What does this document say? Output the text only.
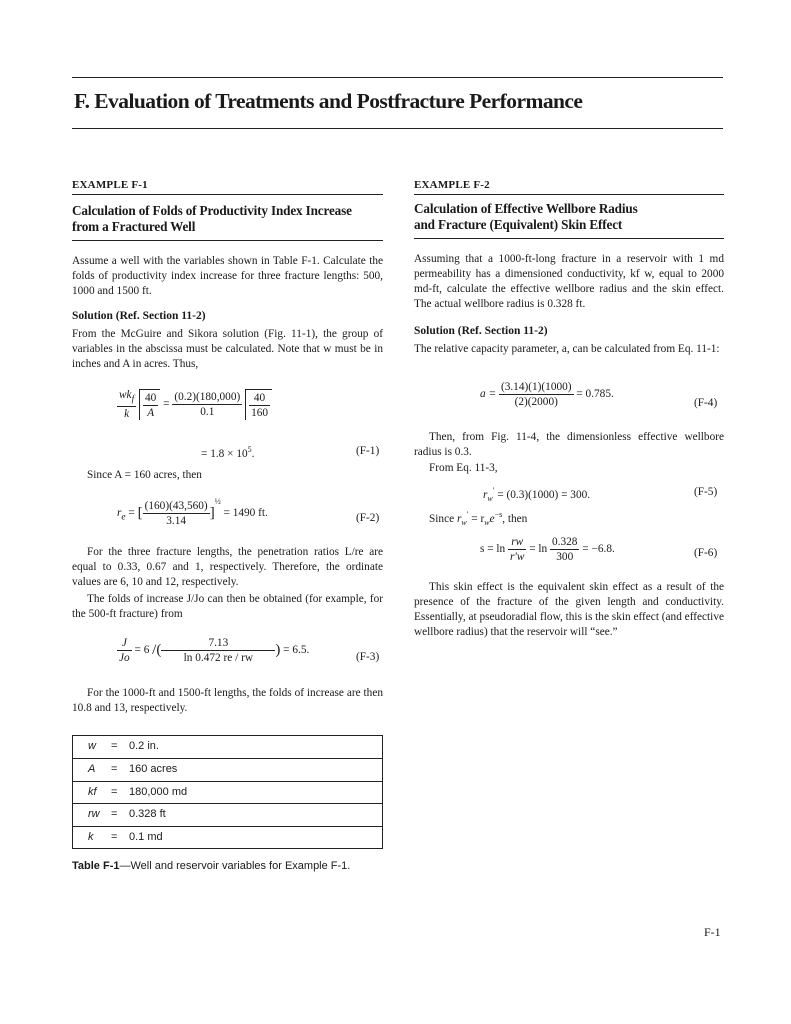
F. Evaluation of Treatments and Postfracture Performance
EXAMPLE F-1
Calculation of Folds of Productivity Index Increase
from a Fractured Well
Assume a well with the variables shown in Table F-1. Calculate the folds of productivity index increase for three fracture lengths: 500, 1000 and 1500 ft.
Solution (Ref. Section 11-2)
From the McGuire and Sikora solution (Fig. 11-1), the group of variables in the abscissa must be calculated. Note that w must be in inches and A in acres. Thus,
$\frac{wk_f}{k}$
$\frac{40}{A} = \frac{(0.2)(180,000)}{0.1}$
$\frac{40}{160}$
= $1.8 \times 10^5$.	(F-1)
Since A = 160 acres, then
$r_e$ = [ $\frac{(160)(43,560)}{3.14} ]^{\frac{1}{2}} = 1490$ ft.	(F-2)
For the three fracture lengths, the penetration ratios L/re are equal to 0.33, 0.67 and 1, respectively. Therefore, the ordinate values are 6, 10 and 12, respectively.
The folds of increase J/Jo can then be obtained (for example, for the 500-ft fracture) from
$\frac{J}{Jo} = 6$ /( $\frac{7.13}{\ln 0.472 re / rw}$ ) = 6.5.
(F-3)
For the 1000-ft and 1500-ft lengths, the folds of increase are then 10.8 and 13, respectively.
w = 0.2 in.
A = 160 acres
kf = 180,000 md
rw = 0.328 ft
k = 0.1 md
Table F-1—Well and reservoir variables for Example F-1.
EXAMPLE F-2
Calculation of Effective Wellbore Radius
and Fracture (Equivalent) Skin Effect
Assuming that a 1000-ft-long fracture in a reservoir with 1 md permeability has a dimensioned conductivity, kf w, equal to 2000 md-ft, calculate the effective wellbore radius and the skin effect. The actual wellbore radius is 0.328 ft.
Solution (Ref. Section 11-2)
The relative capacity parameter, a, can be calculated from Eq. 11-1:
$a = \frac{(3.14)(1)(1000)}{(2)(2000)} = 0.785$.
(F-4)
Then, from Fig. 11-4, the dimensionless effective wellbore radius is 0.3.
From Eq. 11-3,
$r_w' = (0.3)(1000) = 300$.	(F-5)
Since $r_w' = r_we^{-s}$, then
$s = \ln \frac{rw}{r'w} = \ln \frac{0.328}{300} = -6.8$.	(F-6)
This skin effect is the equivalent skin effect as a result of the presence of the fracture of the given length and conductivity. Essentially, at pseudoradial flow, this is the skin effect (and effective wellbore radius) that the reservoir will “see.”
F-1
